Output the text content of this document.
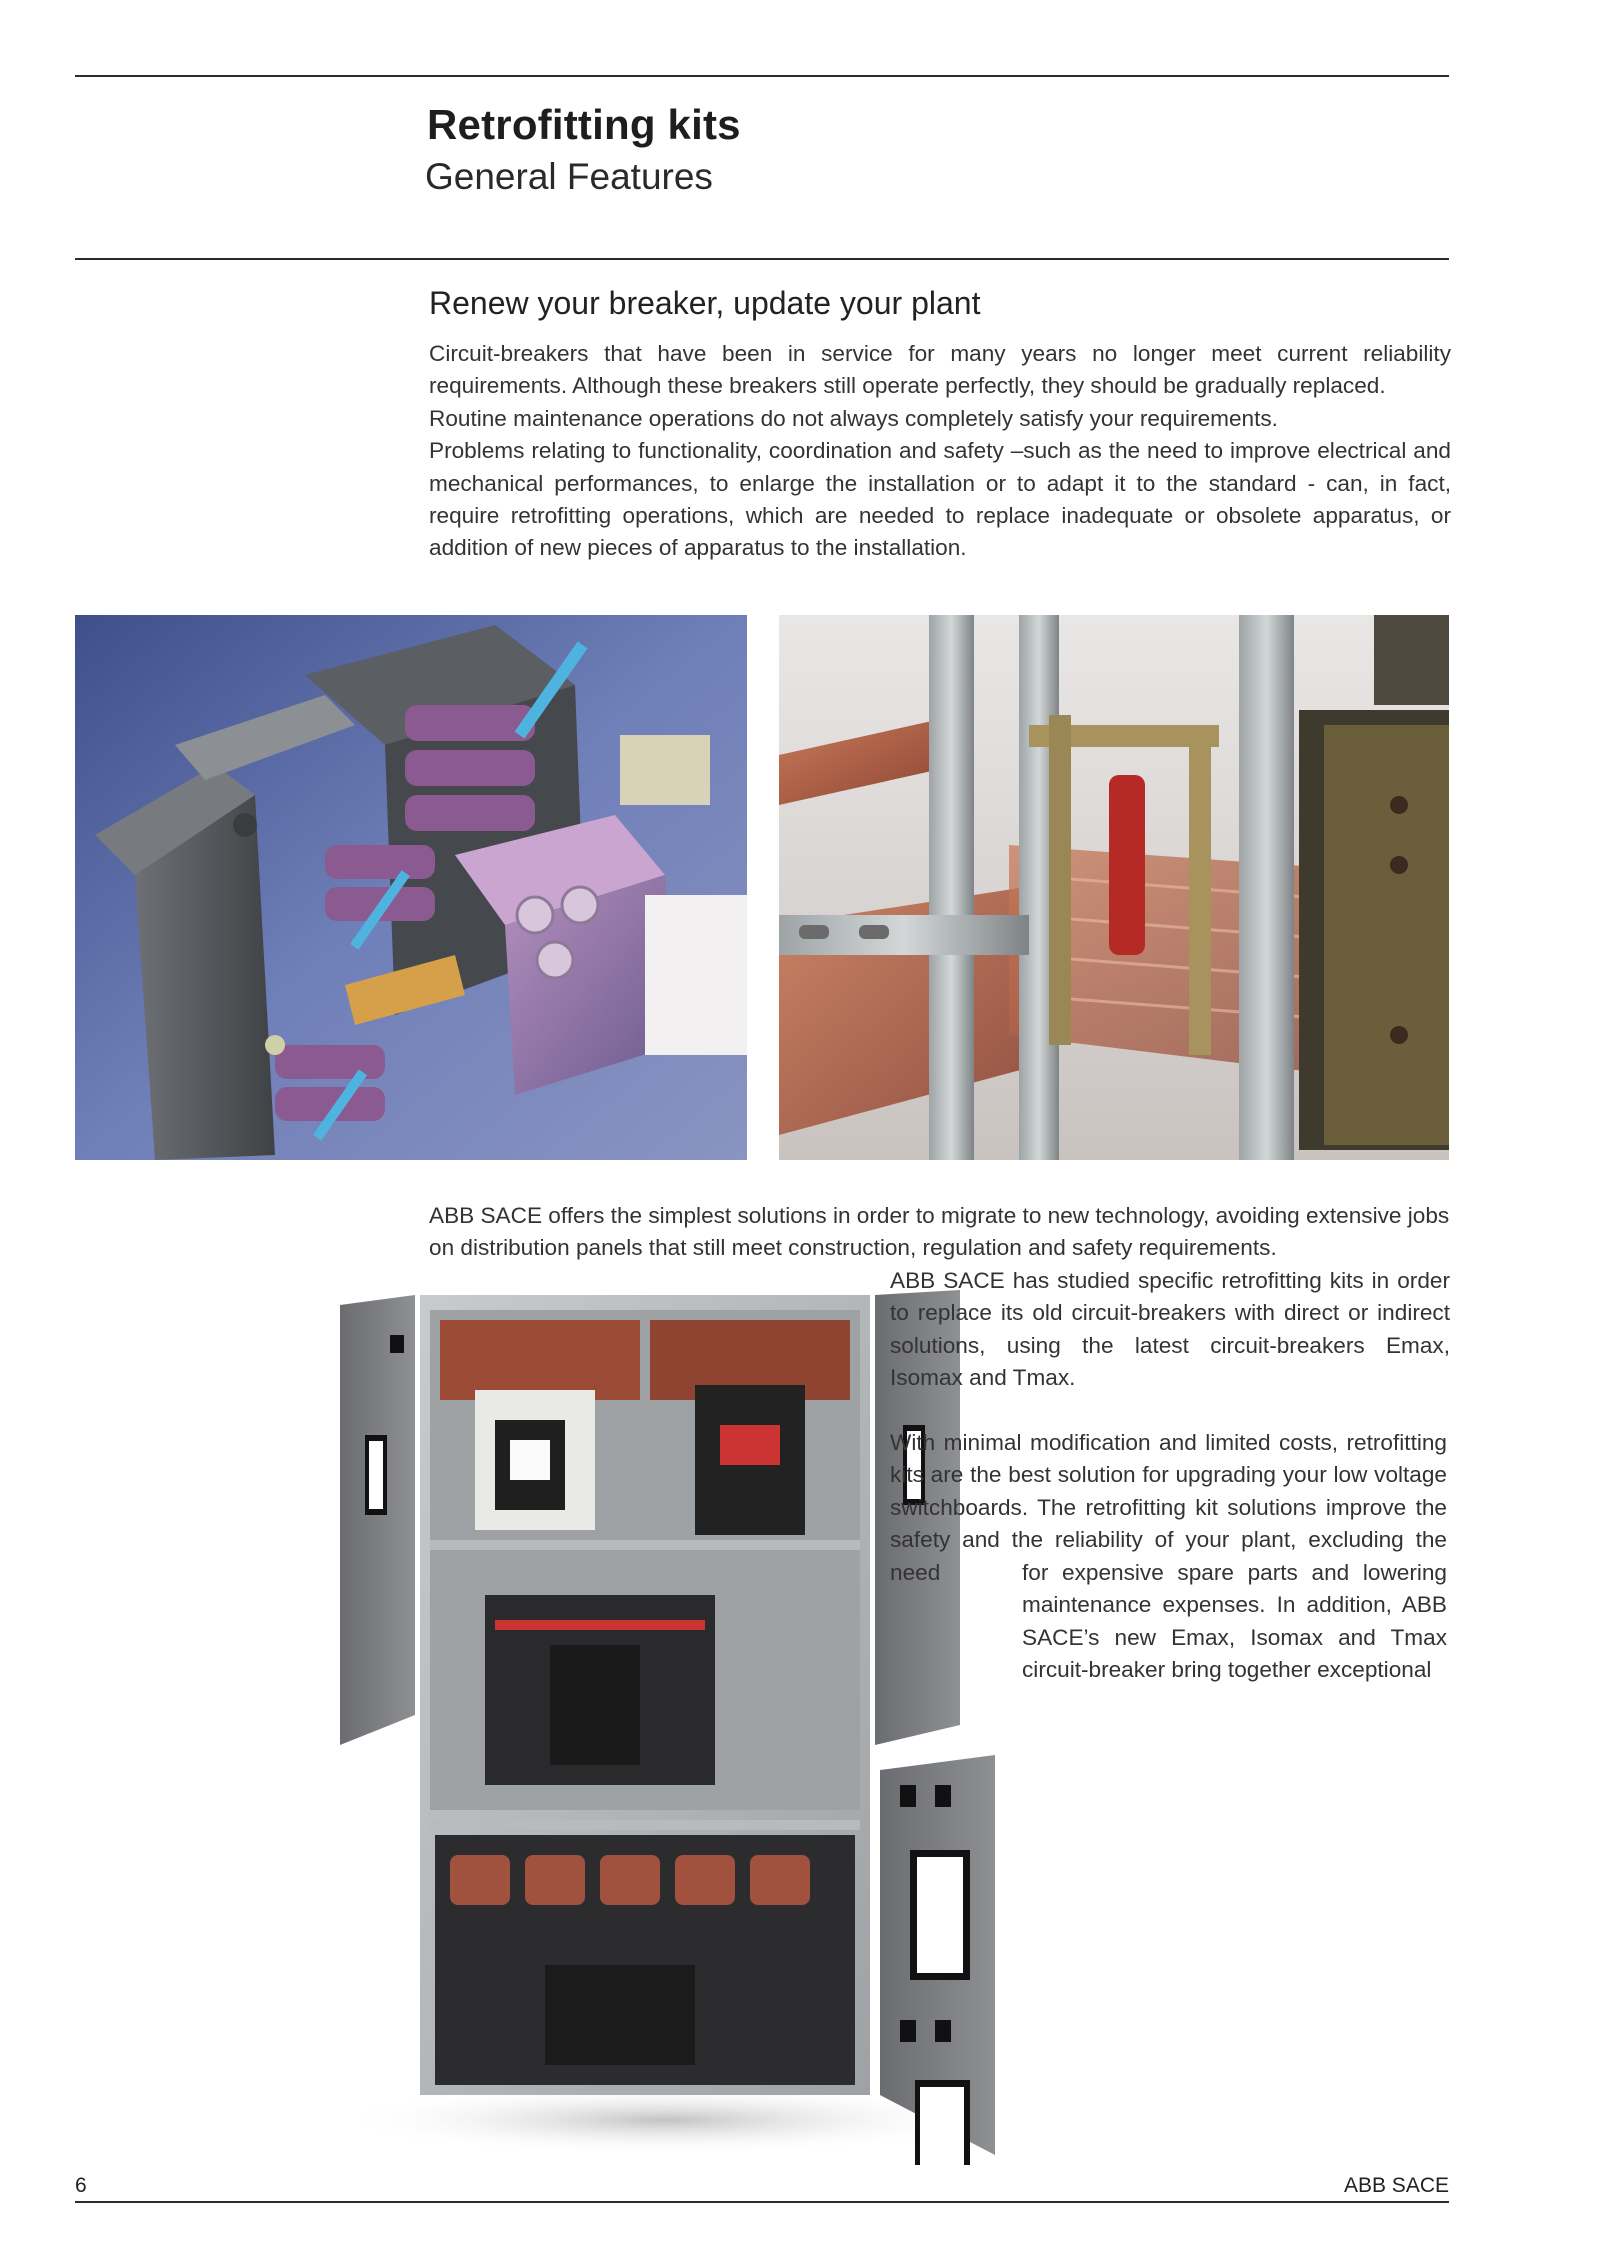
Retrofitting kits
General Features
Renew your breaker, update your plant

Circuit-breakers that have been in service for many years no longer meet current reliability requirements. Although these breakers still operate perfectly, they should be gradually replaced.

Routine maintenance operations do not always completely satisfy your requirements.

Problems relating to functionality, coordination and safety –such as the need to improve electrical and mechanical performances, to enlarge the installation or to adapt it to the standard - can, in fact, require retrofitting operations, which are needed to replace inadequate or obsolete apparatus, or addition of new pieces of apparatus to the installation.

ABB SACE offers the simplest solutions in order to migrate to new technology, avoiding extensive jobs on distribution panels that still meet construction, regulation and safety requirements.
ABB SACE has studied specific retrofitting kits in order to replace its old circuit-breakers with direct or indirect solutions, using the latest circuit-breakers Emax, Isomax and Tmax.
With minimal modification and limited costs, retrofitting kits are the best solution for upgrading your low voltage switchboards. The retrofitting kit solutions improve the safety and the reliability of your plant, excluding the need	for expensive spare parts and lowering maintenance expenses. In addition, ABB SACE’s new Emax, Isomax and Tmax circuit-breaker bring together exceptional
6	ABB SACE
